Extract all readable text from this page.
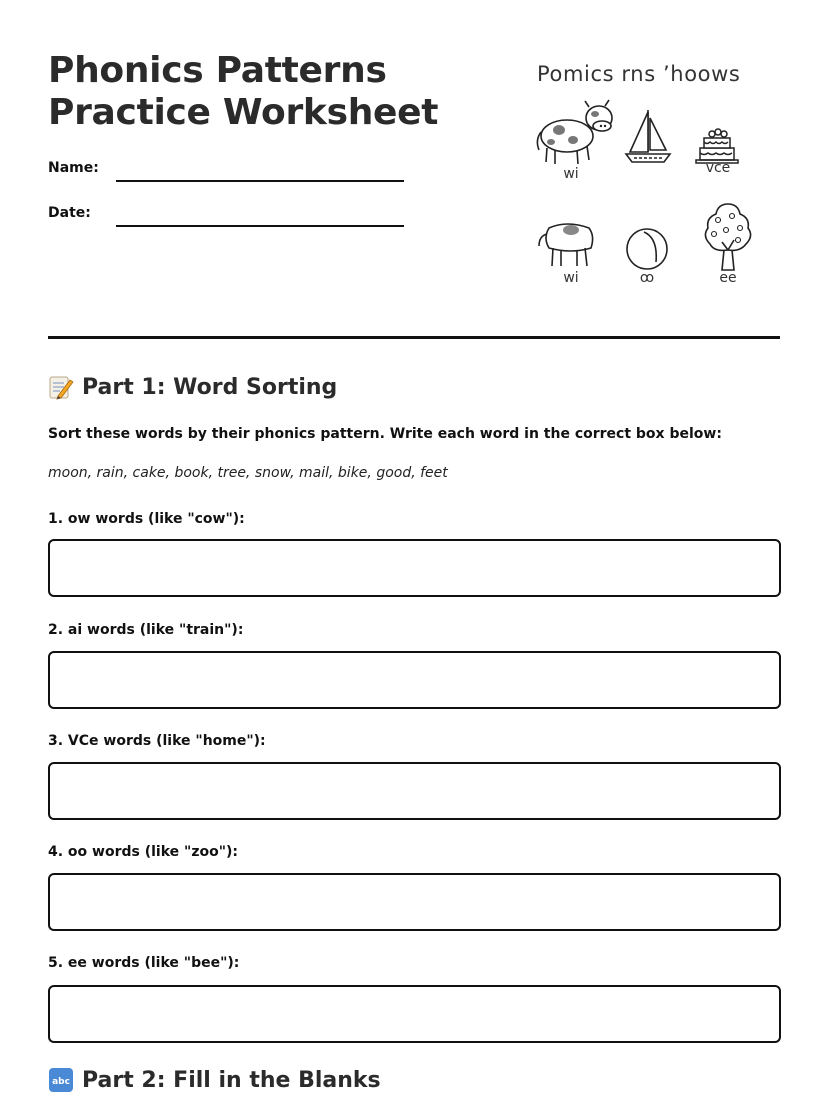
Phonics Patterns
Practice Worksheet
Name:
Date:
Pomics rns ’hoows
wi	vce
wi	ꝏ	ee
Part 1: Word Sorting

Sort these words by their phonics pattern. Write each word in the correct box below:

moon, rain, cake, book, tree, snow, mail, bike, good, feet

1. ow words (like "cow"):
2. ai words (like "train"):
3. VCe words (like "home"):
4. oo words (like "zoo"):
5. ee words (like "bee"):
abc Part 2: Fill in the Blanks
